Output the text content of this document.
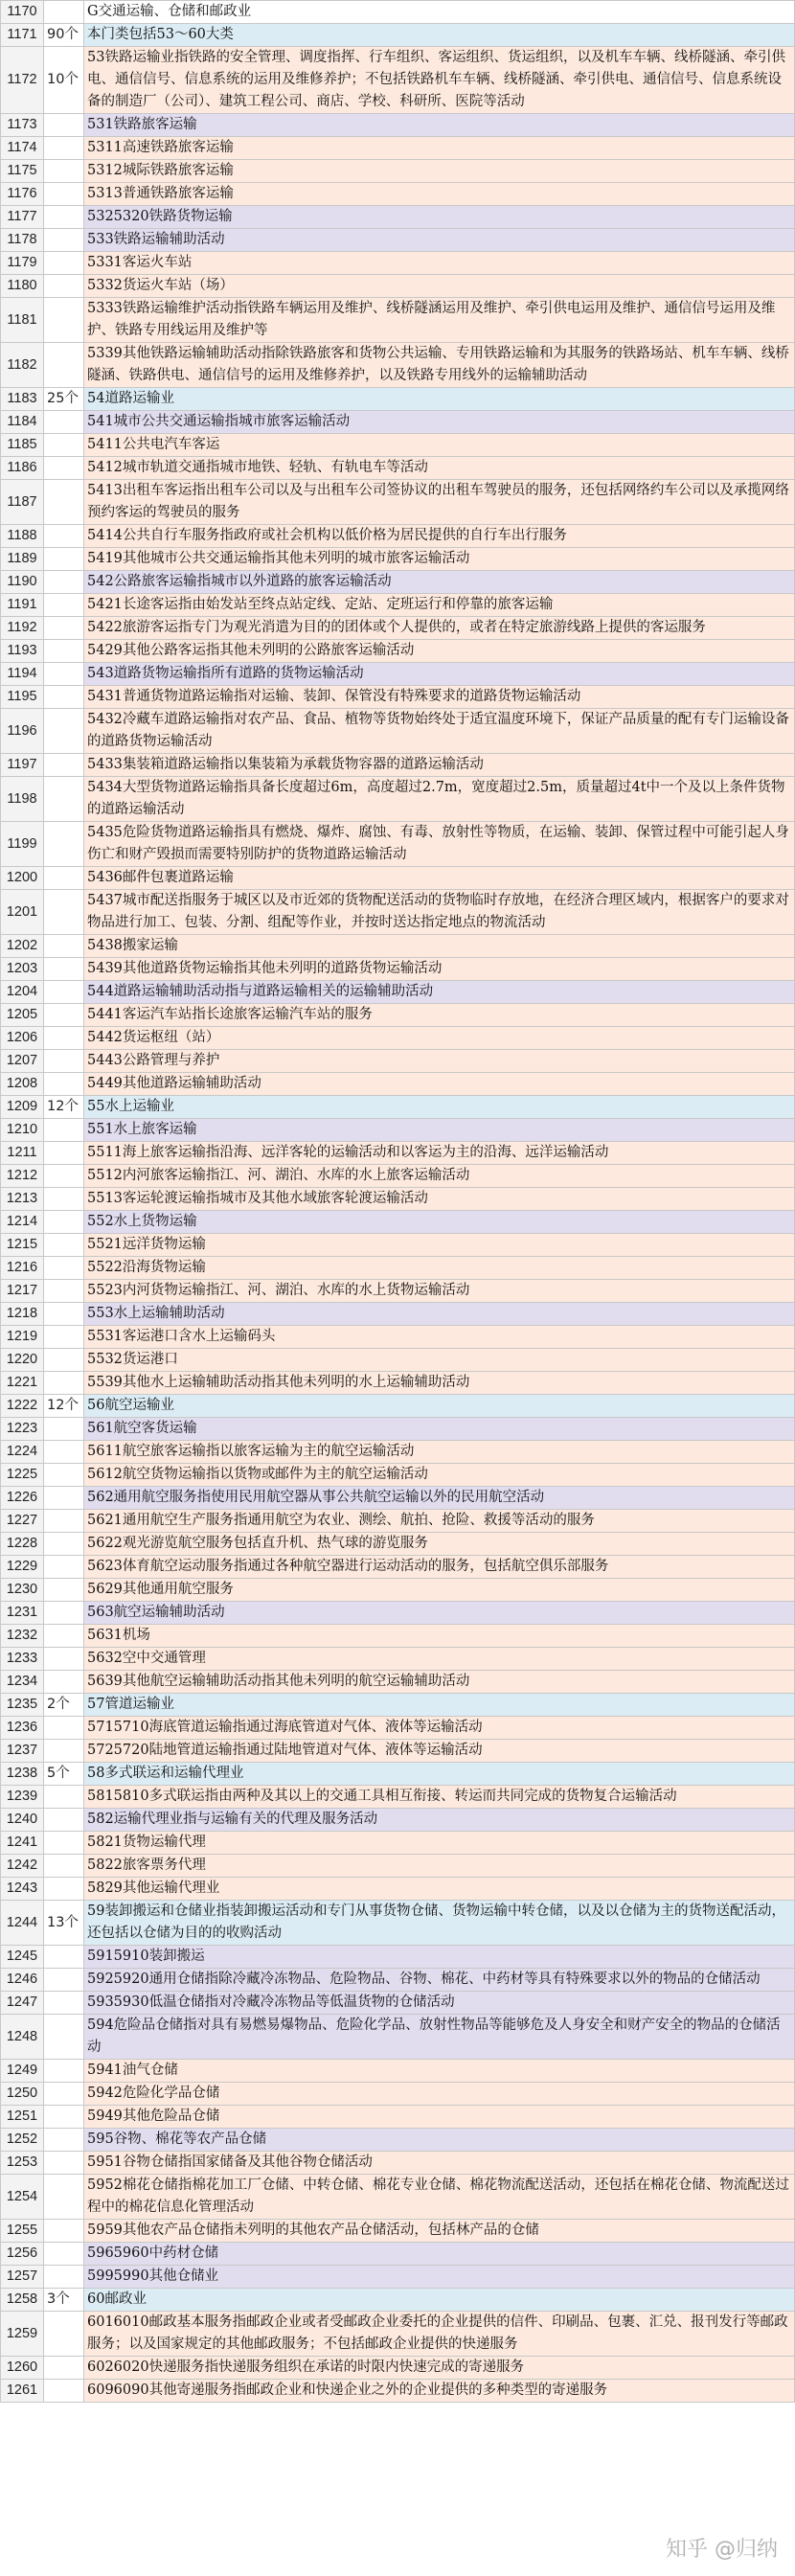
1170		G交通运输、仓储和邮政业
1171	90个	本门类包括53～60大类
1172	10个	53铁路运输业指铁路的安全管理、调度指挥、行车组织、客运组织、货运组织，以及机车车辆、线桥隧涵、牵引供电、通信信号、信息系统的运用及维修养护；不包括铁路机车车辆、线桥隧涵、牵引供电、通信信号、信息系统设备的制造厂（公司）、建筑工程公司、商店、学校、科研所、医院等活动
1173		531铁路旅客运输
1174		5311高速铁路旅客运输
1175		5312城际铁路旅客运输
1176		5313普通铁路旅客运输
1177		5325320铁路货物运输
1178		533铁路运输辅助活动
1179		5331客运火车站
1180		5332货运火车站（场）
1181		5333铁路运输维护活动指铁路车辆运用及维护、线桥隧涵运用及维护、牵引供电运用及维护、通信信号运用及维护、铁路专用线运用及维护等
1182		5339其他铁路运输辅助活动指除铁路旅客和货物公共运输、专用铁路运输和为其服务的铁路场站、机车车辆、线桥隧涵、铁路供电、通信信号的运用及维修养护，以及铁路专用线外的运输辅助活动
1183	25个	54道路运输业
1184		541城市公共交通运输指城市旅客运输活动
1185		5411公共电汽车客运
1186		5412城市轨道交通指城市地铁、轻轨、有轨电车等活动
1187		5413出租车客运指出租车公司以及与出租车公司签协议的出租车驾驶员的服务，还包括网络约车公司以及承揽网络预约客运的驾驶员的服务
1188		5414公共自行车服务指政府或社会机构以低价格为居民提供的自行车出行服务
1189		5419其他城市公共交通运输指其他未列明的城市旅客运输活动
1190		542公路旅客运输指城市以外道路的旅客运输活动
1191		5421长途客运指由始发站至终点站定线、定站、定班运行和停靠的旅客运输
1192		5422旅游客运指专门为观光消遣为目的的团体或个人提供的，或者在特定旅游线路上提供的客运服务
1193		5429其他公路客运指其他未列明的公路旅客运输活动
1194		543道路货物运输指所有道路的货物运输活动
1195		5431普通货物道路运输指对运输、装卸、保管没有特殊要求的道路货物运输活动
1196		5432冷藏车道路运输指对农产品、食品、植物等货物始终处于适宜温度环境下，保证产品质量的配有专门运输设备的道路货物运输活动
1197		5433集装箱道路运输指以集装箱为承载货物容器的道路运输活动
1198		5434大型货物道路运输指具备长度超过6m，高度超过2.7m，宽度超过2.5m，质量超过4t中一个及以上条件货物的道路运输活动
1199		5435危险货物道路运输指具有燃烧、爆炸、腐蚀、有毒、放射性等物质，在运输、装卸、保管过程中可能引起人身伤亡和财产毁损而需要特别防护的货物道路运输活动
1200		5436邮件包裹道路运输
1201		5437城市配送指服务于城区以及市近郊的货物配送活动的货物临时存放地，在经济合理区域内，根据客户的要求对物品进行加工、包装、分割、组配等作业，并按时送达指定地点的物流活动
1202		5438搬家运输
1203		5439其他道路货物运输指其他未列明的道路货物运输活动
1204		544道路运输辅助活动指与道路运输相关的运输辅助活动
1205		5441客运汽车站指长途旅客运输汽车站的服务
1206		5442货运枢纽（站）
1207		5443公路管理与养护
1208		5449其他道路运输辅助活动
1209	12个	55水上运输业
1210		551水上旅客运输
1211		5511海上旅客运输指沿海、远洋客轮的运输活动和以客运为主的沿海、远洋运输活动
1212		5512内河旅客运输指江、河、湖泊、水库的水上旅客运输活动
1213		5513客运轮渡运输指城市及其他水域旅客轮渡运输活动
1214		552水上货物运输
1215		5521远洋货物运输
1216		5522沿海货物运输
1217		5523内河货物运输指江、河、湖泊、水库的水上货物运输活动
1218		553水上运输辅助活动
1219		5531客运港口含水上运输码头
1220		5532货运港口
1221		5539其他水上运输辅助活动指其他未列明的水上运输辅助活动
1222	12个	56航空运输业
1223		561航空客货运输
1224		5611航空旅客运输指以旅客运输为主的航空运输活动
1225		5612航空货物运输指以货物或邮件为主的航空运输活动
1226		562通用航空服务指使用民用航空器从事公共航空运输以外的民用航空活动
1227		5621通用航空生产服务指通用航空为农业、测绘、航拍、抢险、救援等活动的服务
1228		5622观光游览航空服务包括直升机、热气球的游览服务
1229		5623体育航空运动服务指通过各种航空器进行运动活动的服务，包括航空俱乐部服务
1230		5629其他通用航空服务
1231		563航空运输辅助活动
1232		5631机场
1233		5632空中交通管理
1234		5639其他航空运输辅助活动指其他未列明的航空运输辅助活动
1235	2个	57管道运输业
1236		5715710海底管道运输指通过海底管道对气体、液体等运输活动
1237		5725720陆地管道运输指通过陆地管道对气体、液体等运输活动
1238	5个	58多式联运和运输代理业
1239		5815810多式联运指由两种及其以上的交通工具相互衔接、转运而共同完成的货物复合运输活动
1240		582运输代理业指与运输有关的代理及服务活动
1241		5821货物运输代理
1242		5822旅客票务代理
1243		5829其他运输代理业
1244	13个	59装卸搬运和仓储业指装卸搬运活动和专门从事货物仓储、货物运输中转仓储，以及以仓储为主的货物送配活动，还包括以仓储为目的的收购活动
1245		5915910装卸搬运
1246		5925920通用仓储指除冷藏冷冻物品、危险物品、谷物、棉花、中药材等具有特殊要求以外的物品的仓储活动
1247		5935930低温仓储指对冷藏冷冻物品等低温货物的仓储活动
1248		594危险品仓储指对具有易燃易爆物品、危险化学品、放射性物品等能够危及人身安全和财产安全的物品的仓储活动
1249		5941油气仓储
1250		5942危险化学品仓储
1251		5949其他危险品仓储
1252		595谷物、棉花等农产品仓储
1253		5951谷物仓储指国家储备及其他谷物仓储活动
1254		5952棉花仓储指棉花加工厂仓储、中转仓储、棉花专业仓储、棉花物流配送活动，还包括在棉花仓储、物流配送过程中的棉花信息化管理活动
1255		5959其他农产品仓储指未列明的其他农产品仓储活动，包括林产品的仓储
1256		5965960中药材仓储
1257		5995990其他仓储业
1258	3个	60邮政业
1259		6016010邮政基本服务指邮政企业或者受邮政企业委托的企业提供的信件、印刷品、包裹、汇兑、报刊发行等邮政服务；以及国家规定的其他邮政服务；不包括邮政企业提供的快递服务
1260		6026020快递服务指快递服务组织在承诺的时限内快速完成的寄递服务
1261		6096090其他寄递服务指邮政企业和快递企业之外的企业提供的多种类型的寄递服务
知乎 @归纳
